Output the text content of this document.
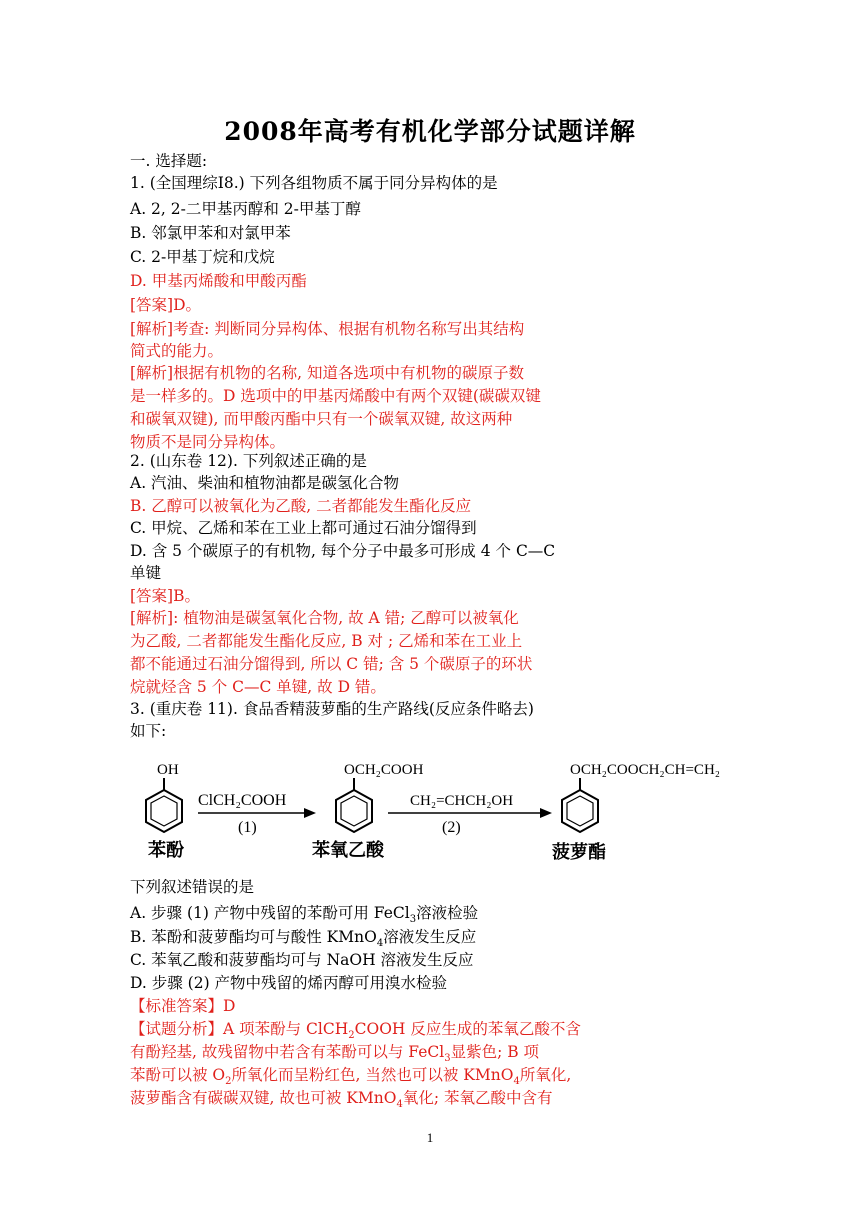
2008年高考有机化学部分试题详解
一. 选择题:
1. (全国理综Ⅰ8.) 下列各组物质不属于同分异构体的是
A. 2, 2-二甲基丙醇和 2-甲基丁醇
B. 邻氯甲苯和对氯甲苯
C. 2-甲基丁烷和戊烷
D. 甲基丙烯酸和甲酸丙酯
[答案]D。
[解析]考查: 判断同分异构体、根据有机物名称写出其结构
简式的能力。
[解析]根据有机物的名称, 知道各选项中有机物的碳原子数
是一样多的。D 选项中的甲基丙烯酸中有两个双键(碳碳双键
和碳氧双键), 而甲酸丙酯中只有一个碳氧双键, 故这两种
物质不是同分异构体。
2. (山东卷 12). 下列叙述正确的是
A. 汽油、柴油和植物油都是碳氢化合物
B. 乙醇可以被氧化为乙酸, 二者都能发生酯化反应
C. 甲烷、乙烯和苯在工业上都可通过石油分馏得到
D. 含 5 个碳原子的有机物, 每个分子中最多可形成 4 个 C—C
单键
[答案]B。
[解析]: 植物油是碳氢氧化合物, 故 A 错; 乙醇可以被氧化
为乙酸, 二者都能发生酯化反应, B 对 ; 乙烯和苯在工业上
都不能通过石油分馏得到, 所以 C 错; 含 5 个碳原子的环状
烷就烃含 5 个 C—C 单键, 故 D 错。
3. (重庆卷 11). 食品香精菠萝酯的生产路线(反应条件略去)
如下:
OH
苯酚
ClCH₂COOH
(1)
OCH₂COOH
苯氧乙酸
CH₂=CHCH₂OH
(2)
OCH₂COOCH₂CH=CH₂
菠萝酯
下列叙述错误的是
A. 步骤 (1) 产物中残留的苯酚可用 FeCl$_3$溶液检验
B. 苯酚和菠萝酯均可与酸性 KMnO$_4$溶液发生反应
C. 苯氧乙酸和菠萝酯均可与 NaOH 溶液发生反应
D. 步骤 (2) 产物中残留的烯丙醇可用溴水检验
【标准答案】D
【试题分析】A 项苯酚与 ClCH$_2$COOH 反应生成的苯氧乙酸不含
有酚羟基, 故残留物中若含有苯酚可以与 FeCl$_3$显紫色; B 项
苯酚可以被 $O_2$所氧化而呈粉红色, 当然也可以被 KMnO$_4$所氧化,
菠萝酯含有碳碳双键, 故也可被 KMnO$_4$氧化; 苯氧乙酸中含有
1
